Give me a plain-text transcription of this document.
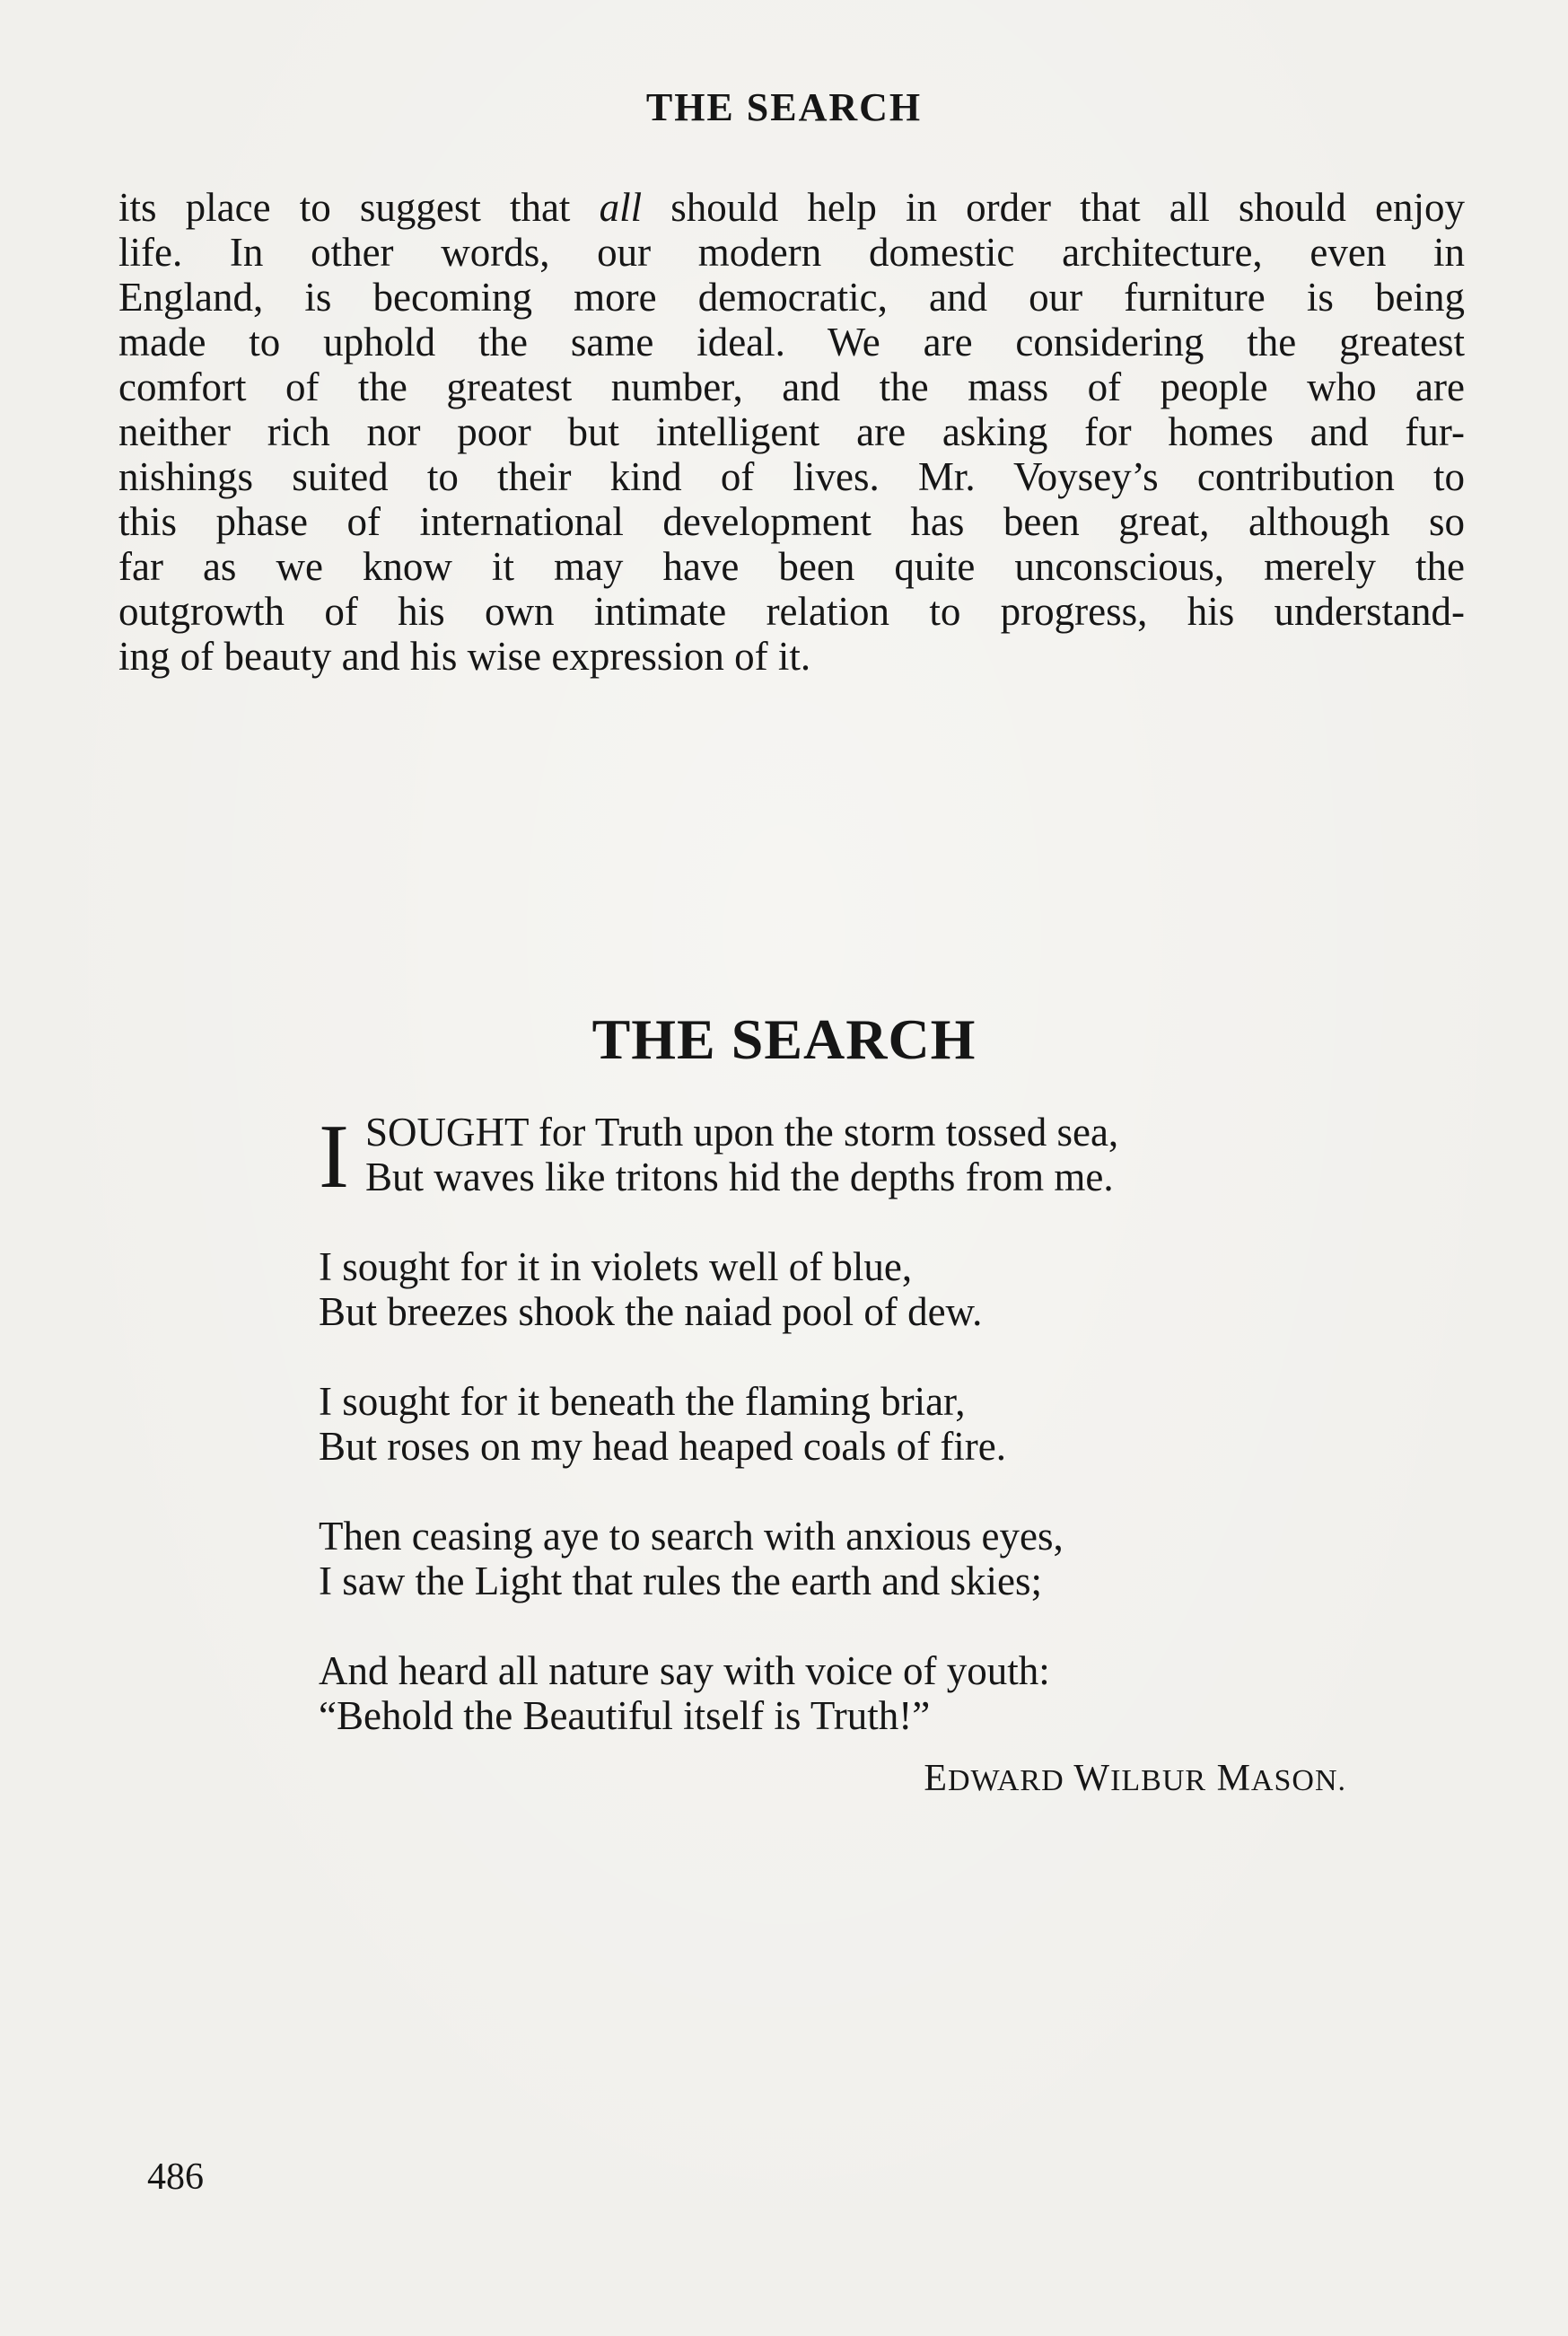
THE SEARCH
its place to suggest that all should help in order that all should enjoy
life. In other words, our modern domestic architecture, even in
England, is becoming more democratic, and our furniture is being
made to uphold the same ideal. We are considering the greatest
comfort of the greatest number, and the mass of people who are
neither rich nor poor but intelligent are asking for homes and fur-
nishings suited to their kind of lives. Mr. Voysey’s contribution to
this phase of international development has been great, although so
far as we know it may have been quite unconscious, merely the
outgrowth of his own intimate relation to progress, his understand-
ing of beauty and his wise expression of it.
THE SEARCH
I SOUGHT for Truth upon the storm tossed sea,
But waves like tritons hid the depths from me.
I sought for it in violets well of blue,
But breezes shook the naiad pool of dew.
I sought for it beneath the flaming briar,
But roses on my head heaped coals of fire.
Then ceasing aye to search with anxious eyes,
I saw the Light that rules the earth and skies;
And heard all nature say with voice of youth:
“Behold the Beautiful itself is Truth!”

EDWARD WILBUR MASON.

486
